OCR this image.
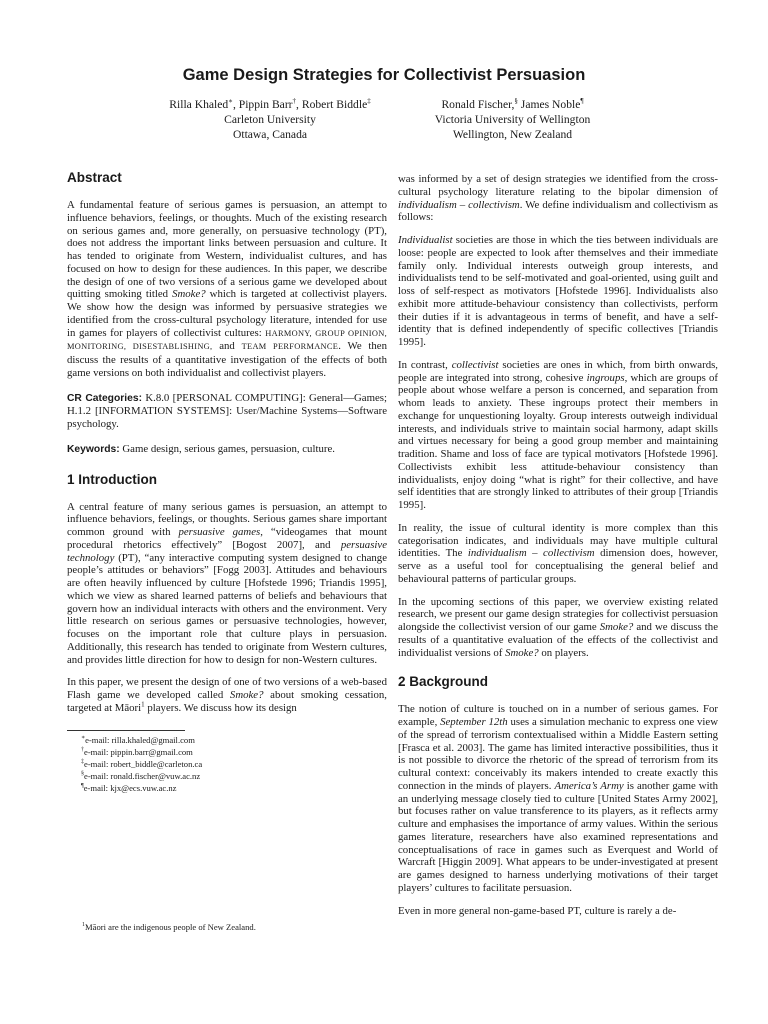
Game Design Strategies for Collectivist Persuasion
Rilla Khaled∗, Pippin Barr†, Robert Biddle‡
Carleton University
Ottawa, Canada
Ronald Fischer,§ James Noble¶
Victoria University of Wellington
Wellington, New Zealand
Abstract

A fundamental feature of serious games is persuasion, an attempt to influence behaviors, feelings, or thoughts. Much of the existing research on serious games and, more generally, on persuasive technology (PT), does not address the important links between persuasion and culture. It has tended to originate from Western, individualist cultures, and has focused on how to design for these audiences. In this paper, we describe the design of one of two versions of a serious game we developed about quitting smoking titled Smoke? which is targeted at collectivist players. We show how the design was informed by persuasive strategies we identified from the cross-cultural psychology literature, intended for use in games for players of collectivist cultures: HARMONY, GROUP OPINION, MONITORING, DISESTABLISHING, and TEAM PERFORMANCE. We then discuss the results of a quantitative investigation of the effects of both game versions on both individualist and collectivist players.

CR Categories: K.8.0 [PERSONAL COMPUTING]: General—Games; H.1.2 [INFORMATION SYSTEMS]: User/Machine Systems—Software psychology.

Keywords: Game design, serious games, persuasion, culture.

1 Introduction

A central feature of many serious games is persuasion, an attempt to influence behaviors, feelings, or thoughts. Serious games share important common ground with persuasive games, “videogames that mount procedural rhetorics effectively” [Bogost 2007], and persuasive technology (PT), “any interactive computing system designed to change people’s attitudes or behaviors” [Fogg 2003]. Attitudes and behaviours are often heavily influenced by culture [Hofstede 1996; Triandis 1995], which we view as shared learned patterns of beliefs and behaviours that govern how an individual interacts with others and the environment. Very little research on serious games or persuasive technologies, however, focuses on the important role that culture plays in persuasion. Additionally, this research has tended to originate from Western cultures, and provides little direction for how to design for non-Western cultures.

In this paper, we present the design of one of two versions of a web-based Flash game we developed called Smoke? about smoking cessation, targeted at Māori$^1$ players. We discuss how its design

∗e-mail: rilla.khaled@gmail.com
†e-mail: pippin.barr@gmail.com
‡e-mail: robert_biddle@carleton.ca
§e-mail: ronald.fischer@vuw.ac.nz
¶e-mail: kjx@ecs.vuw.ac.nz
$^1$Māori are the indigenous people of New Zealand.

was informed by a set of design strategies we identified from the cross-cultural psychology literature relating to the bipolar dimension of individualism – collectivism. We define individualism and collectivism as follows:

Individualist societies are those in which the ties between individuals are loose: people are expected to look after themselves and their immediate family only. Individual interests outweigh group interests, and individualists tend to be self-motivated and goal-oriented, using guilt and loss of self-respect as motivators [Hofstede 1996]. Individualists also exhibit more attitude-behaviour consistency than collectivists, perform their duties if it is advantageous in terms of benefit, and have a self-identity that is defined independently of specific collectives [Triandis 1995].

In contrast, collectivist societies are ones in which, from birth onwards, people are integrated into strong, cohesive ingroups, which are groups of people about whose welfare a person is concerned, and separation from whom leads to anxiety. These ingroups protect their members in exchange for unquestioning loyalty. Group interests outweigh individual interests, and individuals strive to maintain social harmony, adapt skills and virtues necessary for being a good group member and maintaining tradition. Shame and loss of face are typical motivators [Hofstede 1996]. Collectivists exhibit less attitude-behaviour consistency than individualists, enjoy doing “what is right” for their collective, and have self identities that are strongly linked to attributes of their group [Triandis 1995].

In reality, the issue of cultural identity is more complex than this categorisation indicates, and individuals may have multiple cultural identities. The individualism – collectivism dimension does, however, serve as a useful tool for conceptualising the general belief and behavioural patterns of particular groups.

In the upcoming sections of this paper, we overview existing related research, we present our game design strategies for collectivist persuasion alongside the collectivist version of our game Smoke? and we discuss the results of a quantitative evaluation of the effects of the collectivist and individualist versions of Smoke? on players.

2 Background

The notion of culture is touched on in a number of serious games. For example, September 12th uses a simulation mechanic to express one view of the spread of terrorism contextualised within a Middle Eastern setting [Frasca et al. 2003]. The game has limited interactive possibilities, thus it is not possible to divorce the rhetoric of the spread of terrorism from its cultural context: conceivably its makers intended to create exactly this connection in the minds of players. America’s Army is another game with an underlying message closely tied to culture [United States Army 2002], but focuses rather on value transference to its players, as it reflects army culture and emphasises the importance of army values. Within the serious games literature, researchers have also examined representations and conceptualisations of race in games such as Everquest and World of Warcraft [Higgin 2009]. What appears to be under-investigated at present are games designed to harness underlying motivations of their target players’ cultures to facilitate persuasion.

Even in more general non-game-based PT, culture is rarely a de-
